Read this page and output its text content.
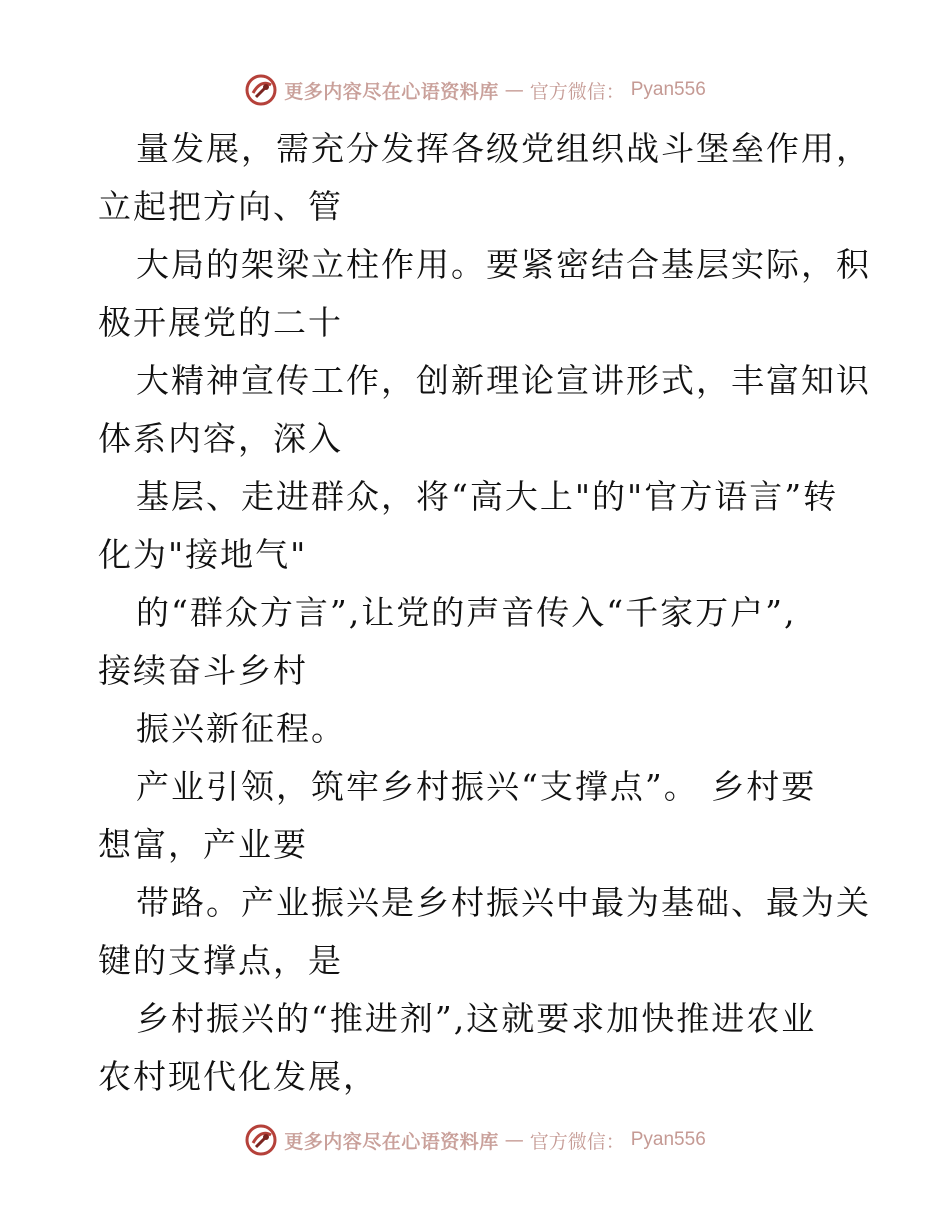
更多内容尽在心语资料库 — 官方微信： Pyan556
量发展，需充分发挥各级党组织战斗堡垒作用，
立起把方向、管
大局的架梁立柱作用。要紧密结合基层实际，积
极开展党的二十
大精神宣传工作，创新理论宣讲形式，丰富知识
体系内容，深入
基层、走进群众，将“高大上"的"官方语言”转
化为"接地气"
的“群众方言”,让党的声音传入“千家万户”,
接续奋斗乡村
振兴新征程。
产业引领，筑牢乡村振兴“支撑点”。 乡村要
想富，产业要
带路。产业振兴是乡村振兴中最为基础、最为关
键的支撑点，是
乡村振兴的“推进剂”,这就要求加快推进农业
农村现代化发展，
更多内容尽在心语资料库 — 官方微信： Pyan556
